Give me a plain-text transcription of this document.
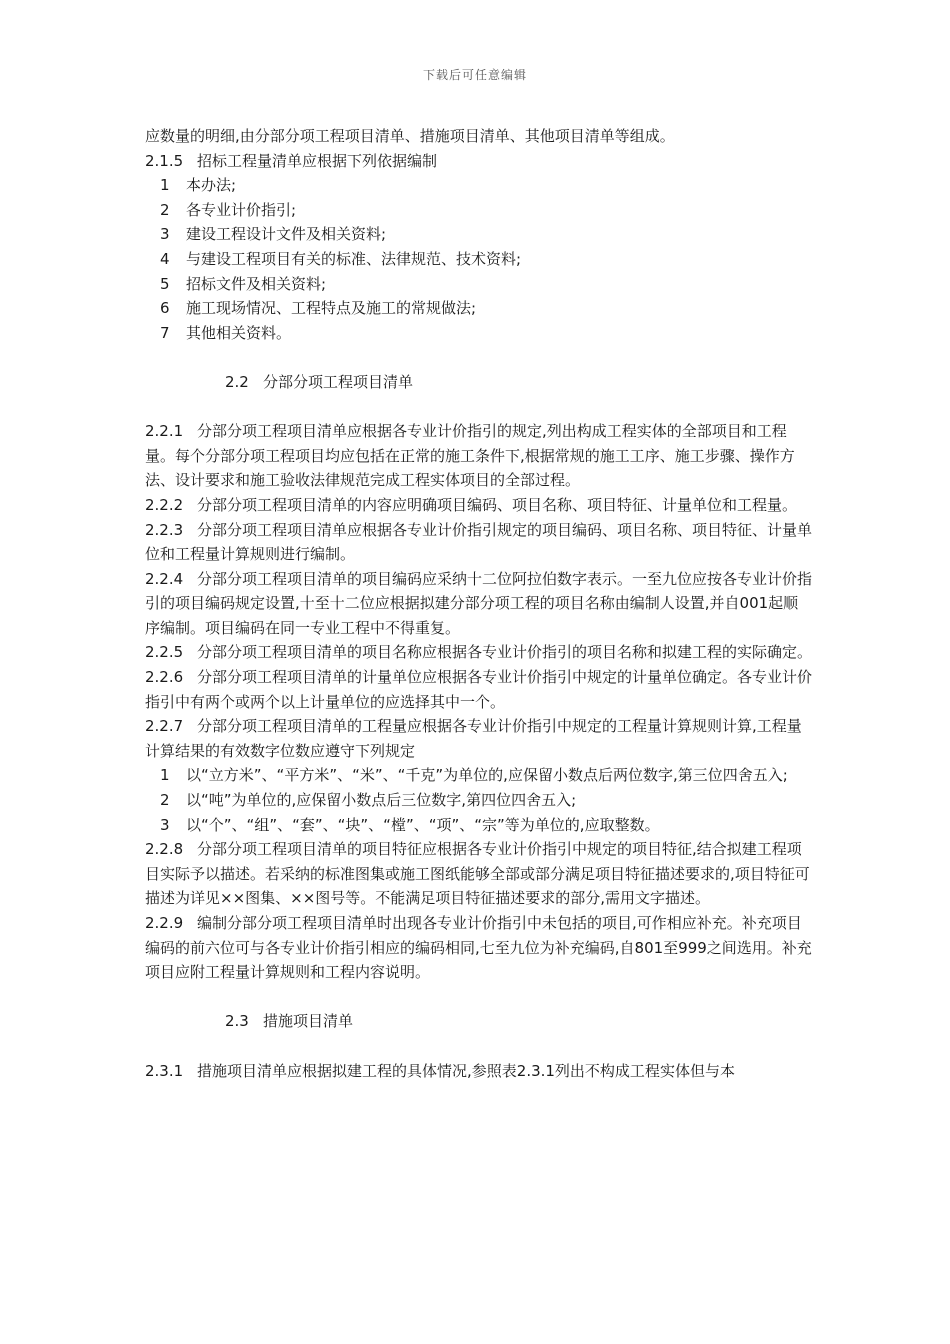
下载后可任意编辑

应数量的明细,由分部分项工程项目清单、措施项目清单、其他项目清单等组成。

2.1.5 招标工程量清单应根据下列依据编制

1 本办法;

2 各专业计价指引;

3 建设工程设计文件及相关资料;

4 与建设工程项目有关的标准、法律规范、技术资料;

5 招标文件及相关资料;

6 施工现场情况、工程特点及施工的常规做法;

7 其他相关资料。

2.2 分部分项工程项目清单

2.2.1 分部分项工程项目清单应根据各专业计价指引的规定,列出构成工程实体的全部项目和工程量。每个分部分项工程项目均应包括在正常的施工条件下,根据常规的施工工序、施工步骤、操作方法、设计要求和施工验收法律规范完成工程实体项目的全部过程。

2.2.2 分部分项工程项目清单的内容应明确项目编码、项目名称、项目特征、计量单位和工程量。

2.2.3 分部分项工程项目清单应根据各专业计价指引规定的项目编码、项目名称、项目特征、计量单位和工程量计算规则进行编制。

2.2.4 分部分项工程项目清单的项目编码应采纳十二位阿拉伯数字表示。一至九位应按各专业计价指引的项目编码规定设置,十至十二位应根据拟建分部分项工程的项目名称由编制人设置,并自001起顺序编制。项目编码在同一专业工程中不得重复。

2.2.5 分部分项工程项目清单的项目名称应根据各专业计价指引的项目名称和拟建工程的实际确定。

2.2.6 分部分项工程项目清单的计量单位应根据各专业计价指引中规定的计量单位确定。各专业计价指引中有两个或两个以上计量单位的应选择其中一个。

2.2.7 分部分项工程项目清单的工程量应根据各专业计价指引中规定的工程量计算规则计算,工程量计算结果的有效数字位数应遵守下列规定

1 以“立方米”、“平方米”、“米”、“千克”为单位的,应保留小数点后两位数字,第三位四舍五入;

2 以“吨”为单位的,应保留小数点后三位数字,第四位四舍五入;

3 以“个”、“组”、“套”、“块”、“樘”、“项”、“宗”等为单位的,应取整数。

2.2.8 分部分项工程项目清单的项目特征应根据各专业计价指引中规定的项目特征,结合拟建工程项目实际予以描述。若采纳的标准图集或施工图纸能够全部或部分满足项目特征描述要求的,项目特征可描述为详见××图集、××图号等。不能满足项目特征描述要求的部分,需用文字描述。

2.2.9 编制分部分项工程项目清单时出现各专业计价指引中未包括的项目,可作相应补充。补充项目编码的前六位可与各专业计价指引相应的编码相同,七至九位为补充编码,自801至999之间选用。补充项目应附工程量计算规则和工程内容说明。

2.3 措施项目清单

2.3.1 措施项目清单应根据拟建工程的具体情况,参照表2.3.1列出不构成工程实体但与本
